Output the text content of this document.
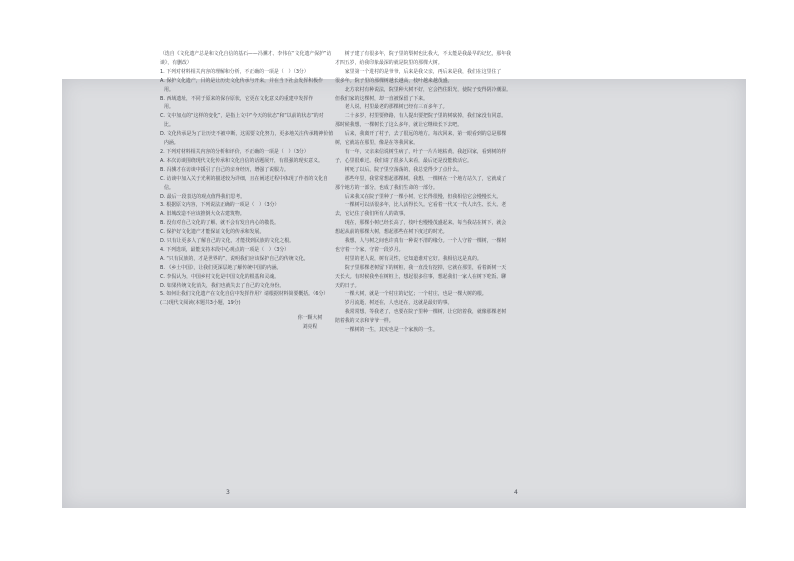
（选自《文化遗产总是和文化自信的基石——冯骥才、李伟在“文化遗产保护”访
谈》，有删改）
1. 下列对材料相关内容的理解和分析，不正确的一项是（　）（3分）
A. 保护文化遗产，目的是让历史文化传承与开来，并在当下社会发挥积极作
用。
B. 西域遗址，不同于原来的保存原状，它更在文化意义的重建中发挥作
用。
C. 文中加点的“这样的变化”，是指上文中“今天的状态”和“以前的状态”的对
比。
D. 文化传承是为了让历史不被中断，这需要文化努力，更多地关注传承精神价值
内涵。
2. 下列对材料相关内容的分析和评价，不正确的一项是（　）（3分）
A. 本次访谈围绕现代文化传承和文化自信的话题展开，有很强的现实意义。
B. 冯骥才在访谈中援引了自己的亲身经历，增强了说服力。
C. 访谈中加入关于光利的描述较为详细，且在阐述过程中体现了作者的文化自
信。
D. 最后一段表达的观点值得我们思考。
3. 根据原文内容，下列说法正确的一项是（　）（3分）
A. 旧城改造不应该推倒大众古建筑物。
B. 没有对自己文化的了解，就不会有发自内心的敬畏。
C. 保护好文化遗产才能保证文化的传承和发展。
D. 只有让更多人了解自己的文化，才能找到民族的文化之根。
4. 下列选项，最能支持本段中心观点的一项是（　）（3分）
A. “只有民族的，才是世界的”，说明我们应该保护自己的传统文化。
B. 《乡土中国》，让我们更深层地了解传统中国的内涵。
C. 李侃认为，中国乡村文化是中国文化的根基和灵魂。
D. 如果传统文化消失，我们也就失去了自己的文化身份。
5. 如何让我们文化遗产在文化自信中发挥作用？请根据材料简要概括。（6分）
(二)现代文阅读(本题共3小题，19分)
你一颗大树
刘亮程
　　树子建了有很多年，院子里的梨树也比我大，不太能是我最早的记忆，那年我
才四五岁，给我印象最深的就是院里的那棵大树。
　　家里第一个进村的是爷爷，后来是我父亲，再后来是我，我们在这里住了
很多年。院子里的那棵树越长越高，枝叶越来越茂盛。
　　北方农村有种说法，院里种大树不好，它会挡住阳光，使院子变得阴冷潮湿。
但我们家的这棵树，却一直被保留了下来。
　　老人说，村里最老的那棵树已经有三百多年了。
　　二十多岁，村里要修路，有人提出要把院子里的树砍掉，我们家没有同意。
那时候我想，一棵树长了这么多年，就让它继续长下去吧。
　　后来，我离开了村子，去了很远的地方。每次回来，第一眼看到的总是那棵
树，它就站在那里，像是在等我回家。
　　有一年，父亲来信说树生病了，叶子一片片地枯黄。我赶回家，看到树的样
子，心里很难过。我们请了很多人来看，最后还是没能救活它。
　　树死了以后，院子里空荡荡的，我总觉得少了点什么。
　　那些年里，我常常想起那棵树。我想，一棵树在一个地方站久了，它就成了
那个地方的一部分，也成了我们生命的一部分。
　　后来我又在院子里种了一棵小树，它长得很慢，但我相信它会慢慢长大。
　　一棵树可以活很多年，比人活得长久。它看着一代又一代人出生、长大、老
去，它记住了我们所有人的故事。
　　现在，那棵小树已经长高了，枝叶也慢慢茂盛起来。每当我站在树下，就会
想起从前的那棵大树，想起那些在树下度过的时光。
　　我想，人与树之间也许真有一种说不清的缘分。一个人守着一棵树，一棵树
也守着一个家，守着一段岁月。
　　村里的老人说，树有灵性，它知道谁对它好。我相信这是真的。
　　院子里那棵老树留下的树桩，我一直没有挖掉，它就在那里，看着新树一天
天长大。有时候我坐在树桩上，想起很多往事，想起我们一家人在树下吃饭、聊
天的日子。
　　一棵大树，就是一个村庄的记忆；一个村庄，也是一棵大树的根。
　　岁月流逝，树还在，人也还在，这就是最好的事。
　　我常常想，等我老了，也要在院子里种一棵树，让它陪着我，就像那棵老树
陪着我的父亲和爷爷一样。
　　一棵树的一生，其实也是一个家族的一生。
3	4
